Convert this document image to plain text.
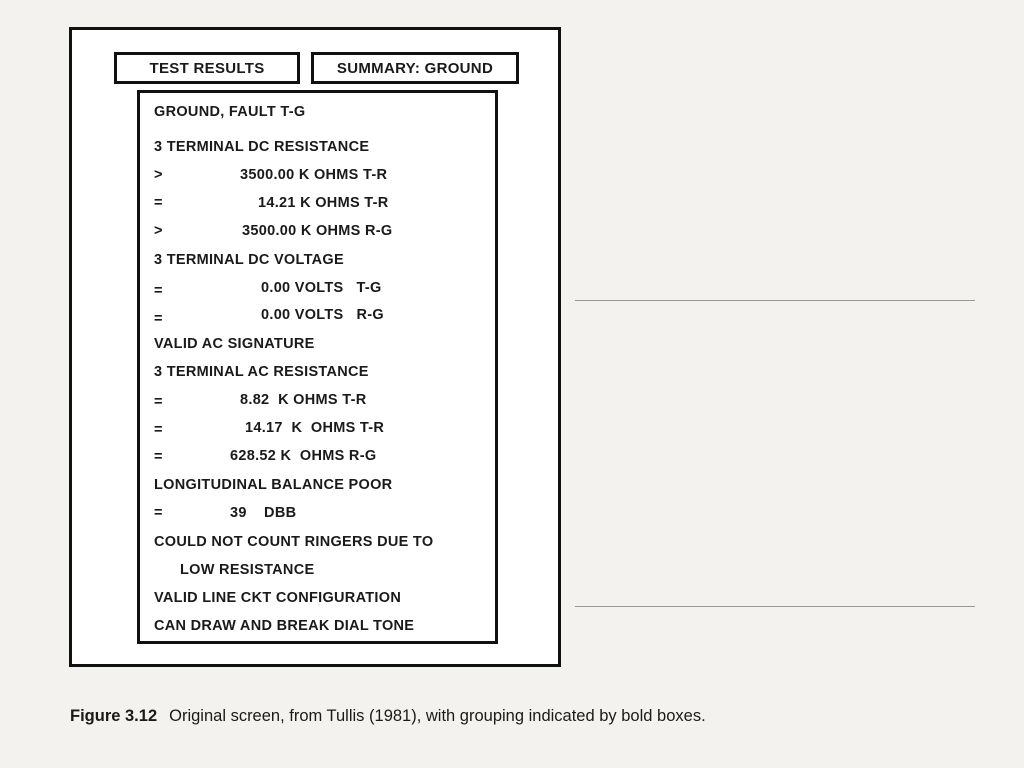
TEST RESULTS	SUMMARY: GROUND
GROUND, FAULT T-G
3 TERMINAL DC RESISTANCE
>	3500.00 K OHMS T-R
=	14.21 K OHMS T-R
>	3500.00 K OHMS R-G
3 TERMINAL DC VOLTAGE
=	0.00 VOLTS   T-G
=	0.00 VOLTS   R-G
VALID AC SIGNATURE
3 TERMINAL AC RESISTANCE
=	8.82  K OHMS T-R
=	14.17  K  OHMS T-R
=	628.52 K  OHMS R-G
LONGITUDINAL BALANCE POOR
=	39    DBB
COULD NOT COUNT RINGERS DUE TO
LOW RESISTANCE
VALID LINE CKT CONFIGURATION
CAN DRAW AND BREAK DIAL TONE
Figure 3.12 Original screen, from Tullis (1981), with grouping indicated by bold boxes.
